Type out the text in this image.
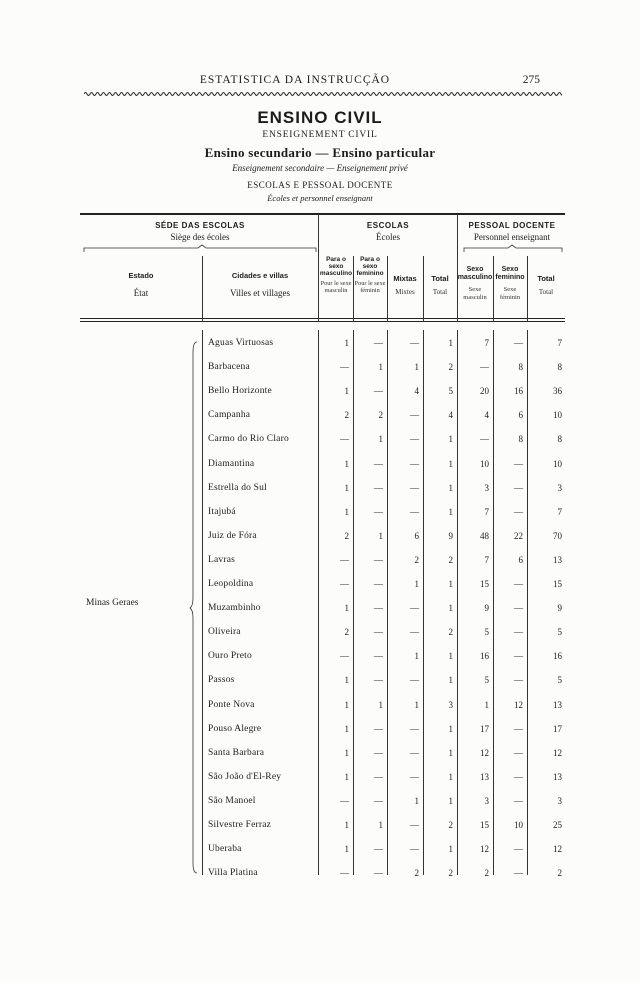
ESTATISTICA DA INSTRUCÇÃO	275
ENSINO CIVIL
ENSEIGNEMENT CIVIL
Ensino secundario — Ensino particular
Enseignement secondaire — Enseignement privé
ESCOLAS E PESSOAL DOCENTE
Écoles et personnel enseignant
SÉDE DAS ESCOLAS
Siège des écoles
ESCOLAS
Écoles
PESSOAL DOCENTE
Personnel enseignant
Estado
État
Cidades e villas
Villes et villages
Para o sexo masculino
Pour le sexe masculin
Para o sexo feminino
Pour le sexe féminin
Mixtas
Mixtes
Total
Total
Sexo masculino
Sexe masculin
Sexo feminino
Sexe féminin
Total
Total
Minas Geraes
Aguas Virtuosas	1	—	—	1	7	—	7
Barbacena	—	1	1	2	—	8	8
Bello Horizonte	1	—	4	5	20	16	36
Campanha	2	2	—	4	4	6	10
Carmo do Rio Claro	—	1	—	1	—	8	8
Diamantina	1	—	—	1	10	—	10
Estrella do Sul	1	—	—	1	3	—	3
Itajubá	1	—	—	1	7	—	7
Juiz de Fóra	2	1	6	9	48	22	70
Lavras	—	—	2	2	7	6	13
Leopoldina	—	—	1	1	15	—	15
Muzambinho	1	—	—	1	9	—	9
Oliveira	2	—	—	2	5	—	5
Ouro Preto	—	—	1	1	16	—	16
Passos	1	—	—	1	5	—	5
Ponte Nova	1	1	1	3	1	12	13
Pouso Alegre	1	—	—	1	17	—	17
Santa Barbara	1	—	—	1	12	—	12
São João d'El-Rey	1	—	—	1	13	—	13
São Manoel	—	—	1	1	3	—	3
Silvestre Ferraz	1	1	—	2	15	10	25
Uberaba	1	—	—	1	12	—	12
Villa Platina	—	—	2	2	2	—	2
